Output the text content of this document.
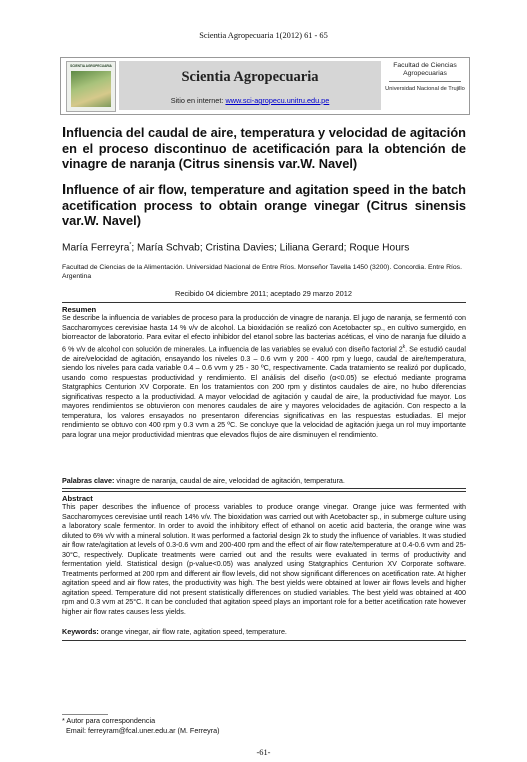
Scientia Agropecuaria 1(2012) 61 - 65
SCIENTIA AGROPECUARIA
Scientia Agropecuaria
Sitio en internet: www.sci-agropecu.unitru.edu.pe
Facultad de Ciencias Agropecuarias
Universidad Nacional de Trujillo

Influencia del caudal de aire, temperatura y velocidad de agitación en el proceso discontinuo de acetificación para la obtención de vinagre de naranja (Citrus sinensis var.W. Navel)

Influence of air flow, temperature and agitation speed in the batch acetification process to obtain orange vinegar (Citrus sinensis var.W. Navel)

María Ferreyra*; María Schvab; Cristina Davies; Liliana Gerard; Roque Hours
Facultad de Ciencias de la Alimentación. Universidad Nacional de Entre Ríos. Monseñor Tavella 1450 (3200). Concordia. Entre Ríos. Argentina
Recibido 04 diciembre 2011; aceptado 29 marzo 2012
Resumen

Se describe la influencia de variables de proceso para la producción de vinagre de naranja. El jugo de naranja, se fermentó con Saccharomyces cerevisiae hasta 14 % v/v de alcohol. La bioxidación se realizó con Acetobacter sp., en cultivo sumergido, en biorreactor de laboratorio. Para evitar el efecto inhibidor del etanol sobre las bacterias acéticas, el vino de naranja fue diluido a 6 % v/v de alcohol con solución de minerales. La influencia de las variables se evaluó con diseño factorial 2$^k$. Se estudió caudal de aire/velocidad de agitación, ensayando los niveles 0.3 – 0.6 vvm y 200 - 400 rpm y luego, caudal de aire/temperatura, siendo los niveles para cada variable 0.4 – 0.6 vvm y 25 - 30 ºC, respectivamente. Cada tratamiento se realizó por duplicado, usando como respuestas productividad y rendimiento. El análisis del diseño (α<0.05) se efectuó mediante programa Statgraphics Centurion XV Corporate. En los tratamientos con 200 rpm y distintos caudales de aire, no hubo diferencias significativas respecto a la productividad. A mayor velocidad de agitación y caudal de aire, la productividad fue mayor. Los mayores rendimientos se obtuvieron con menores caudales de aire y mayores velocidades de agitación. Con respecto a la temperatura, los valores ensayados no presentaron diferencias significativas en las respuestas estudiadas. El mejor rendimiento se obtuvo con 400 rpm y 0.3 vvm a 25 ºC. Se concluye que la velocidad de agitación juega un rol muy importante para lograr una mejor productividad mientras que elevados flujos de aire disminuyen el rendimiento.

Palabras clave: vinagre de naranja, caudal de aire, velocidad de agitación, temperatura.
Abstract

This paper describes the influence of process variables to produce orange vinegar. Orange juice was fermented with Saccharomyces cerevisiae until reach 14% v/v. The bioxidation was carried out with Acetobacter sp., in submerge culture using a laboratory scale fermentor. In order to avoid the inhibitory effect of ethanol on acetic acid bacteria, the orange wine was diluted to 6% v/v with a mineral solution. It was performed a factorial design 2k to study the influence of variables. It was studied air flow rate/agitation at levels of 0.3-0.6 vvm and 200-400 rpm and the effect of air flow rate/temperature at 0.4-0.6 vvm and 25-30°C, respectively. Duplicate treatments were carried out and the results were evaluated in terms of productivity and fermentation yield. Statistical design (p-value<0.05) was analyzed using Statgraphics Centurion XV Corporate software. Treatments performed at 200 rpm and different air flow levels, did not show significant differences on acetification rate. At higher agitation speed and air flow rates, the productivity was high. The best yields were obtained at lower air flows levels and higher agitation speed. Temperature did not present statistically differences on studied variables. The best yield was obtained at 400 rpm and 0.3 vvm at 25°C. It can be concluded that agitation speed plays an important role for a better acetification rate however higher air flow rates causes less yields.

Keywords: orange vinegar, air flow rate, agitation speed, temperature.
* Autor para correspondencia
Email: ferreyram@fcal.uner.edu.ar (M. Ferreyra)
-61-
